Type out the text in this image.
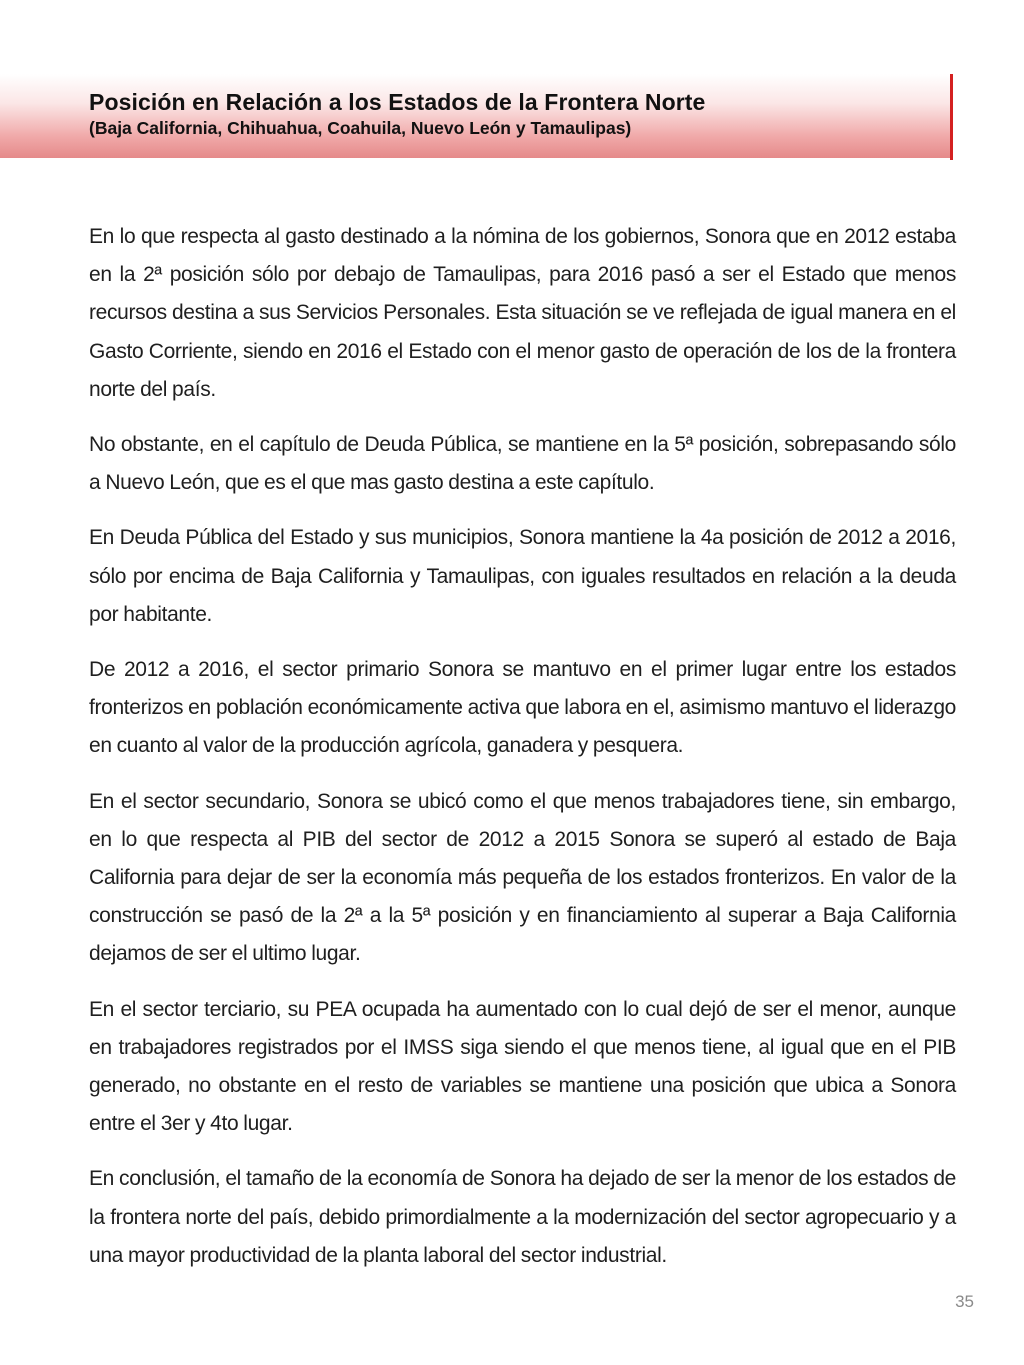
Posición en Relación a los Estados de la Frontera Norte
(Baja California, Chihuahua, Coahuila, Nuevo León y Tamaulipas)

En lo que respecta al gasto destinado a la nómina de los gobiernos, Sonora que en 2012 estaba en la 2ª posición sólo por debajo de Tamaulipas, para 2016 pasó a ser el Estado que menos recursos destina a sus Servicios Personales. Esta situación se ve reflejada de igual manera en el Gasto Corriente, siendo en 2016 el Estado con el menor gasto de operación de los de la frontera norte del país.

No obstante, en el capítulo de Deuda Pública, se mantiene en la 5ª posición, sobrepasando sólo a Nuevo León, que es el que mas gasto destina a este capítulo.

En Deuda Pública del Estado y sus municipios, Sonora mantiene la 4a posición de 2012 a 2016, sólo por encima de Baja California y Tamaulipas, con iguales resultados en relación a la deuda por habitante.

De 2012 a 2016, el sector primario Sonora se mantuvo en el primer lugar entre los estados fronterizos en población económicamente activa que labora en el, asimismo mantuvo el liderazgo en cuanto al valor de la producción agrícola, ganadera y pesquera.

En el sector secundario, Sonora se ubicó como el que menos trabajadores tiene, sin embargo, en lo que respecta al PIB del sector de 2012 a 2015 Sonora se superó al estado de Baja California para dejar de ser la economía más pequeña de los estados fronterizos. En valor de la construcción se pasó de la 2ª a la 5ª posición y en financiamiento al superar a Baja California dejamos de ser el ultimo lugar.

En el sector terciario, su PEA ocupada ha aumentado con lo cual dejó de ser el menor, aunque en trabajadores registrados por el IMSS siga siendo el que menos tiene, al igual que en el PIB generado, no obstante en el resto de variables se mantiene una posición que ubica a Sonora entre el 3er y 4to lugar.

En conclusión, el tamaño de la economía de Sonora ha dejado de ser la menor de los estados de la frontera norte del país, debido primordialmente a la modernización del sector agropecuario y a una mayor productividad de la planta laboral del sector industrial.

35
